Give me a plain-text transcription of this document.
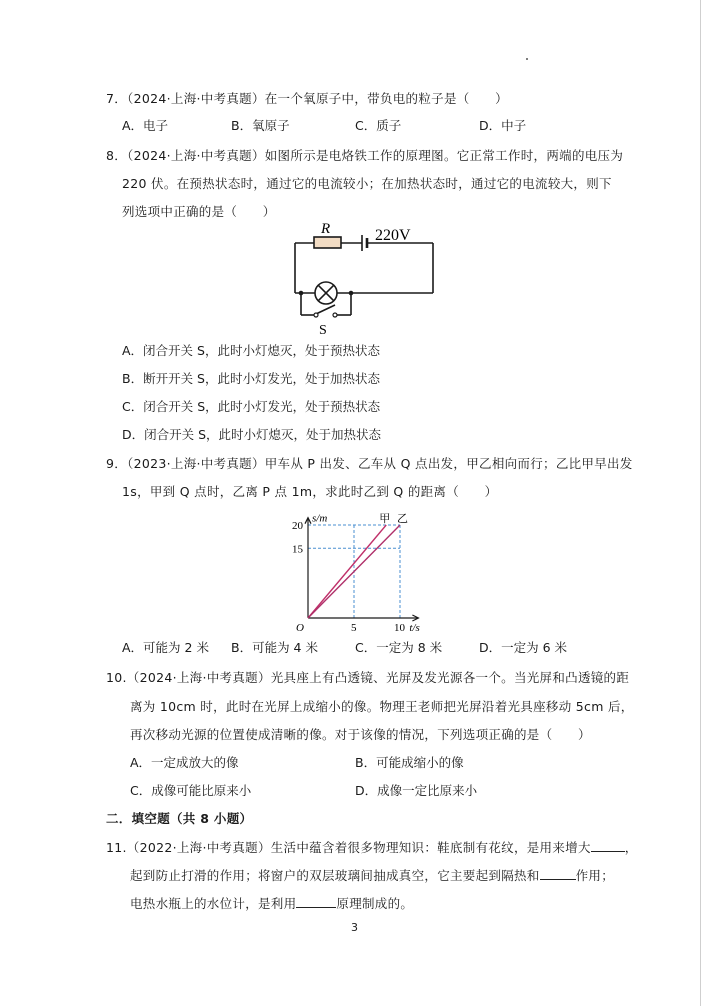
7．（2024·上海·中考真题）在一个氧原子中，带负电的粒子是（　　）
A．电子	B．氧原子	C．质子	D．中子
8．（2024·上海·中考真题）如图所示是电烙铁工作的原理图。它正常工作时，两端的电压为
220 伏。在预热状态时，通过它的电流较小；在加热状态时，通过它的电流较大，则下
列选项中正确的是（　　）
R	220V
S
A．闭合开关 S，此时小灯熄灭，处于预热状态
B．断开开关 S，此时小灯发光，处于加热状态
C．闭合开关 S，此时小灯发光，处于预热状态
D．闭合开关 S，此时小灯熄灭，处于加热状态
9．（2023·上海·中考真题）甲车从 P 出发、乙车从 Q 点出发，甲乙相向而行；乙比甲早出发
1s，甲到 Q 点时，乙离 P 点 1m，求此时乙到 Q 的距离（　　）
甲 乙
5	10
15
20
O	t/s
s/m
A．可能为 2 米 B．可能为 4 米	C．一定为 8 米	D．一定为 6 米
10.（2024·上海·中考真题）光具座上有凸透镜、光屏及发光源各一个。当光屏和凸透镜的距
离为 10cm 时，此时在光屏上成缩小的像。物理王老师把光屏沿着光具座移动 5cm 后，
再次移动光源的位置使成清晰的像。对于该像的情况，下列选项正确的是（　　）
A．一定成放大的像	B．可能成缩小的像
C．成像可能比原来小	D．成像一定比原来小
二．填空题（共 8 小题）
11.（2022·上海·中考真题）生活中蕴含着很多物理知识：鞋底制有花纹，是用来增大	，
起到防止打滑的作用；将窗户的双层玻璃间抽成真空，它主要起到隔热和	作用；
电热水瓶上的水位计，是利用	原理制成的。
3
